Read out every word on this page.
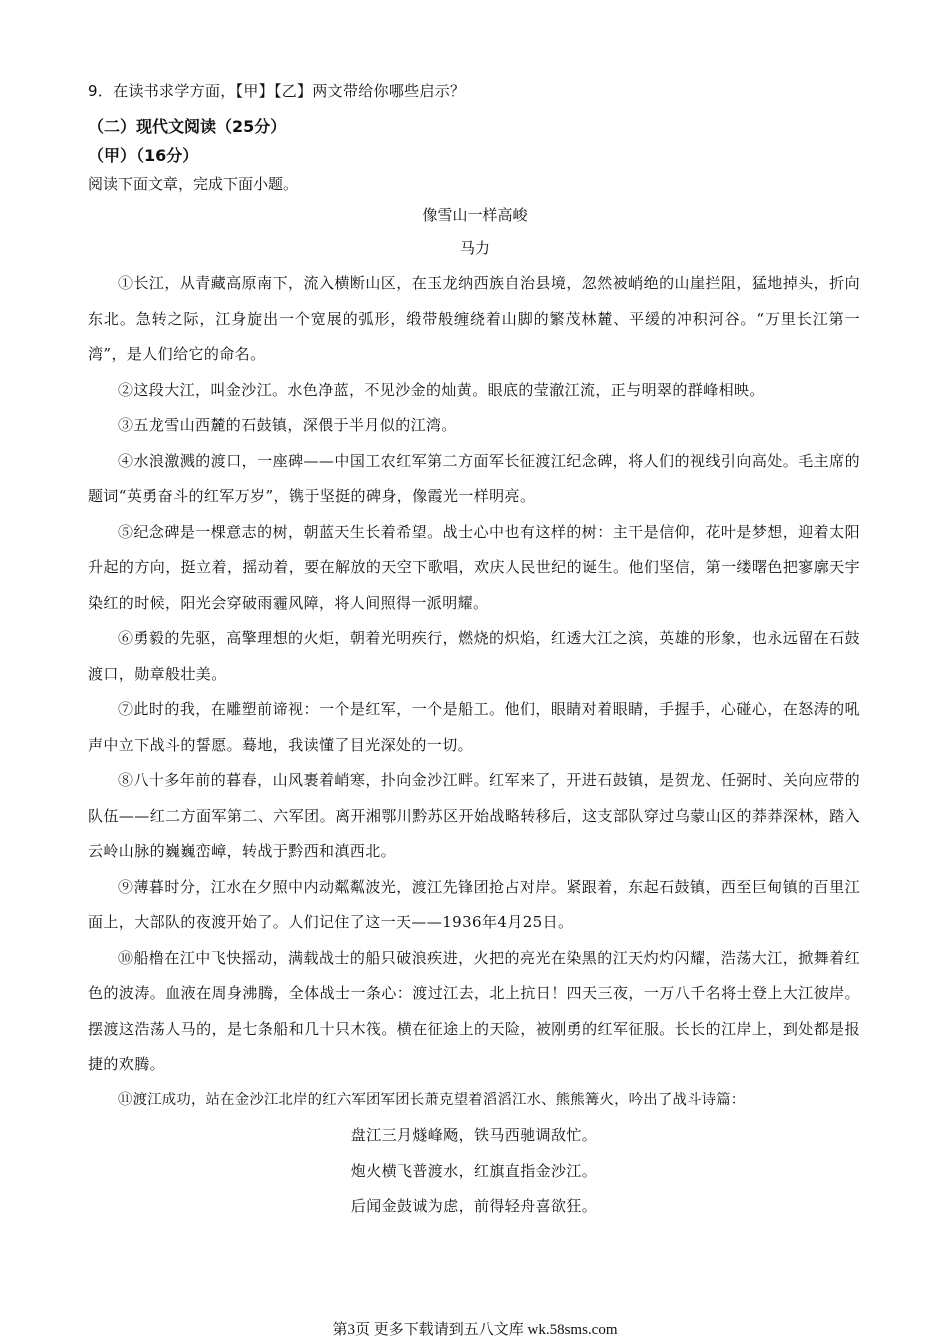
9．在读书求学方面，【甲】【乙】两文带给你哪些启示？
（二）现代文阅读（25分）
（甲）（16分）
阅读下面文章，完成下面小题。
像雪山一样高峻
马力

①长江，从青藏高原南下，流入横断山区，在玉龙纳西族自治县境，忽然被峭绝的山崖拦阻，猛地掉头，折向东北。急转之际，江身旋出一个宽展的弧形，缎带般缠绕着山脚的繁茂林麓、平缓的冲积河谷。“万里长江第一湾”，是人们给它的命名。

②这段大江，叫金沙江。水色净蓝，不见沙金的灿黄。眼底的莹澈江流，正与明翠的群峰相映。

③五龙雪山西麓的石鼓镇，深偎于半月似的江湾。

④水浪激溅的渡口，一座碑——中国工农红军第二方面军长征渡江纪念碑，将人们的视线引向高处。毛主席的题词“英勇奋斗的红军万岁”，镌于坚挺的碑身，像霞光一样明亮。

⑤纪念碑是一棵意志的树，朝蓝天生长着希望。战士心中也有这样的树：主干是信仰，花叶是梦想，迎着太阳升起的方向，挺立着，摇动着，要在解放的天空下歌唱，欢庆人民世纪的诞生。他们坚信，第一缕曙色把寥廓天宇染红的时候，阳光会穿破雨霾风障，将人间照得一派明耀。

⑥勇毅的先驱，高擎理想的火炬，朝着光明疾行，燃烧的炽焰，红透大江之滨，英雄的形象，也永远留在石鼓渡口，勋章般壮美。

⑦此时的我，在雕塑前谛视：一个是红军，一个是船工。他们，眼睛对着眼睛，手握手，心碰心，在怒涛的吼声中立下战斗的誓愿。蓦地，我读懂了目光深处的一切。

⑧八十多年前的暮春，山风裹着峭寒，扑向金沙江畔。红军来了，开进石鼓镇，是贺龙、任弼时、关向应带的队伍——红二方面军第二、六军团。离开湘鄂川黔苏区开始战略转移后，这支部队穿过乌蒙山区的莽莽深林，踏入云岭山脉的巍巍峦嶂，转战于黔西和滇西北。

⑨薄暮时分，江水在夕照中内动粼粼波光，渡江先锋团抢占对岸。紧跟着，东起石鼓镇，西至巨甸镇的百里江面上，大部队的夜渡开始了。人们记住了这一天——1936年4月25日。

⑩船橹在江中飞快摇动，满载战士的船只破浪疾进，火把的亮光在染黑的江天灼灼闪耀，浩荡大江，掀舞着红色的波涛。血液在周身沸腾，全体战士一条心：渡过江去，北上抗日！四天三夜，一万八千名将士登上大江彼岸。摆渡这浩荡人马的，是七条船和几十只木筏。横在征途上的天险，被刚勇的红军征服。长长的江岸上，到处都是报捷的欢腾。

⑪渡江成功，站在金沙江北岸的红六军团军团长萧克望着滔滔江水、熊熊篝火，吟出了战斗诗篇：

盘江三月燧峰飏，铁马西驰调敌忙。

炮火横飞普渡水，红旗直指金沙江。

后闻金鼓诚为虑，前得轻舟喜欲狂。

第3页 更多下载请到五八文库 wk.58sms.com
